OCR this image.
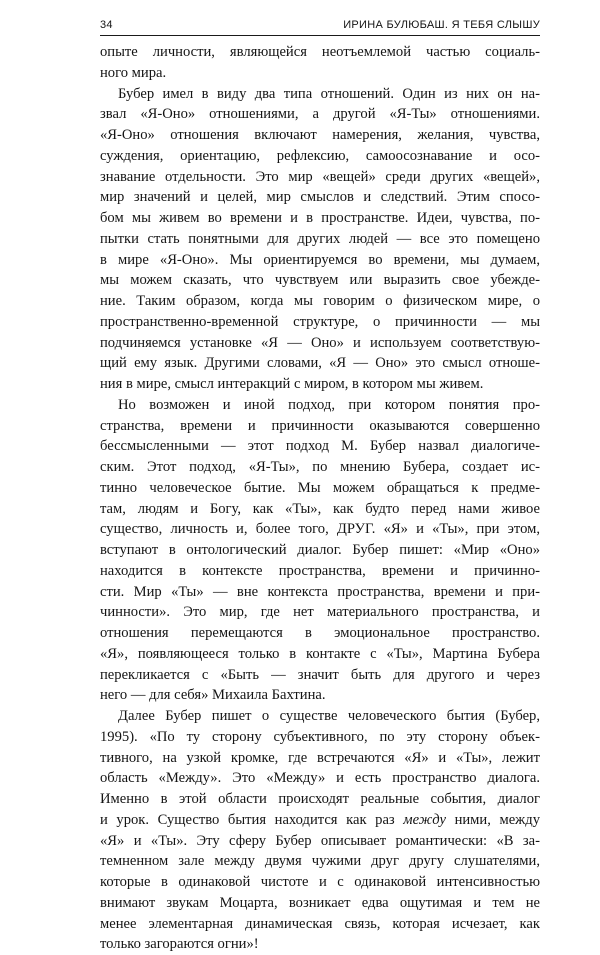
34	ИРИНА БУЛЮБАШ. Я ТЕБЯ СЛЫШУ
опыте личности, являющейся неотъемлемой частью социаль-
ного мира.
Бубер имел в виду два типа отношений. Один из них он на-
звал «Я-Оно» отношениями, а другой «Я-Ты» отношениями.
«Я-Оно» отношения включают намерения, желания, чувства,
суждения, ориентацию, рефлексию, самоосознавание и осо-
знавание отдельности. Это мир «вещей» среди других «вещей»,
мир значений и целей, мир смыслов и следствий. Этим спосо-
бом мы живем во времени и в пространстве. Идеи, чувства, по-
пытки стать понятными для других людей — все это помещено
в мире «Я-Оно». Мы ориентируемся во времени, мы думаем,
мы можем сказать, что чувствуем или выразить свое убежде-
ние. Таким образом, когда мы говорим о физическом мире, о
пространственно-временной структуре, о причинности — мы
подчиняемся установке «Я — Оно» и используем соответствую-
щий ему язык. Другими словами, «Я — Оно» это смысл отноше-
ния в мире, смысл интеракций с миром, в котором мы живем.
Но возможен и иной подход, при котором понятия про-
странства, времени и причинности оказываются совершенно
бессмысленными — этот подход М. Бубер назвал диалогиче-
ским. Этот подход, «Я-Ты», по мнению Бубера, создает ис-
тинно человеческое бытие. Мы можем обращаться к предме-
там, людям и Богу, как «Ты», как будто перед нами живое
существо, личность и, более того, ДРУГ. «Я» и «Ты», при этом,
вступают в онтологический диалог. Бубер пишет: «Мир «Оно»
находится в контексте пространства, времени и причинно-
сти. Мир «Ты» — вне контекста пространства, времени и при-
чинности». Это мир, где нет материального пространства, и
отношения перемещаются в эмоциональное пространство.
«Я», появляющееся только в контакте с «Ты», Мартина Бубера
перекликается с «Быть — значит быть для другого и через
него — для себя» Михаила Бахтина.
Далее Бубер пишет о существе человеческого бытия (Бубер,
1995). «По ту сторону субъективного, по эту сторону объек-
тивного, на узкой кромке, где встречаются «Я» и «Ты», лежит
область «Между». Это «Между» и есть пространство диалога.
Именно в этой области происходят реальные события, диалог
и урок. Существо бытия находится как раз между ними, между
«Я» и «Ты». Эту сферу Бубер описывает романтически: «В за-
темненном зале между двумя чужими друг другу слушателями,
которые в одинаковой чистоте и с одинаковой интенсивностью
внимают звукам Моцарта, возникает едва ощутимая и тем не
менее элементарная динамическая связь, которая исчезает, как
только загораются огни»!
